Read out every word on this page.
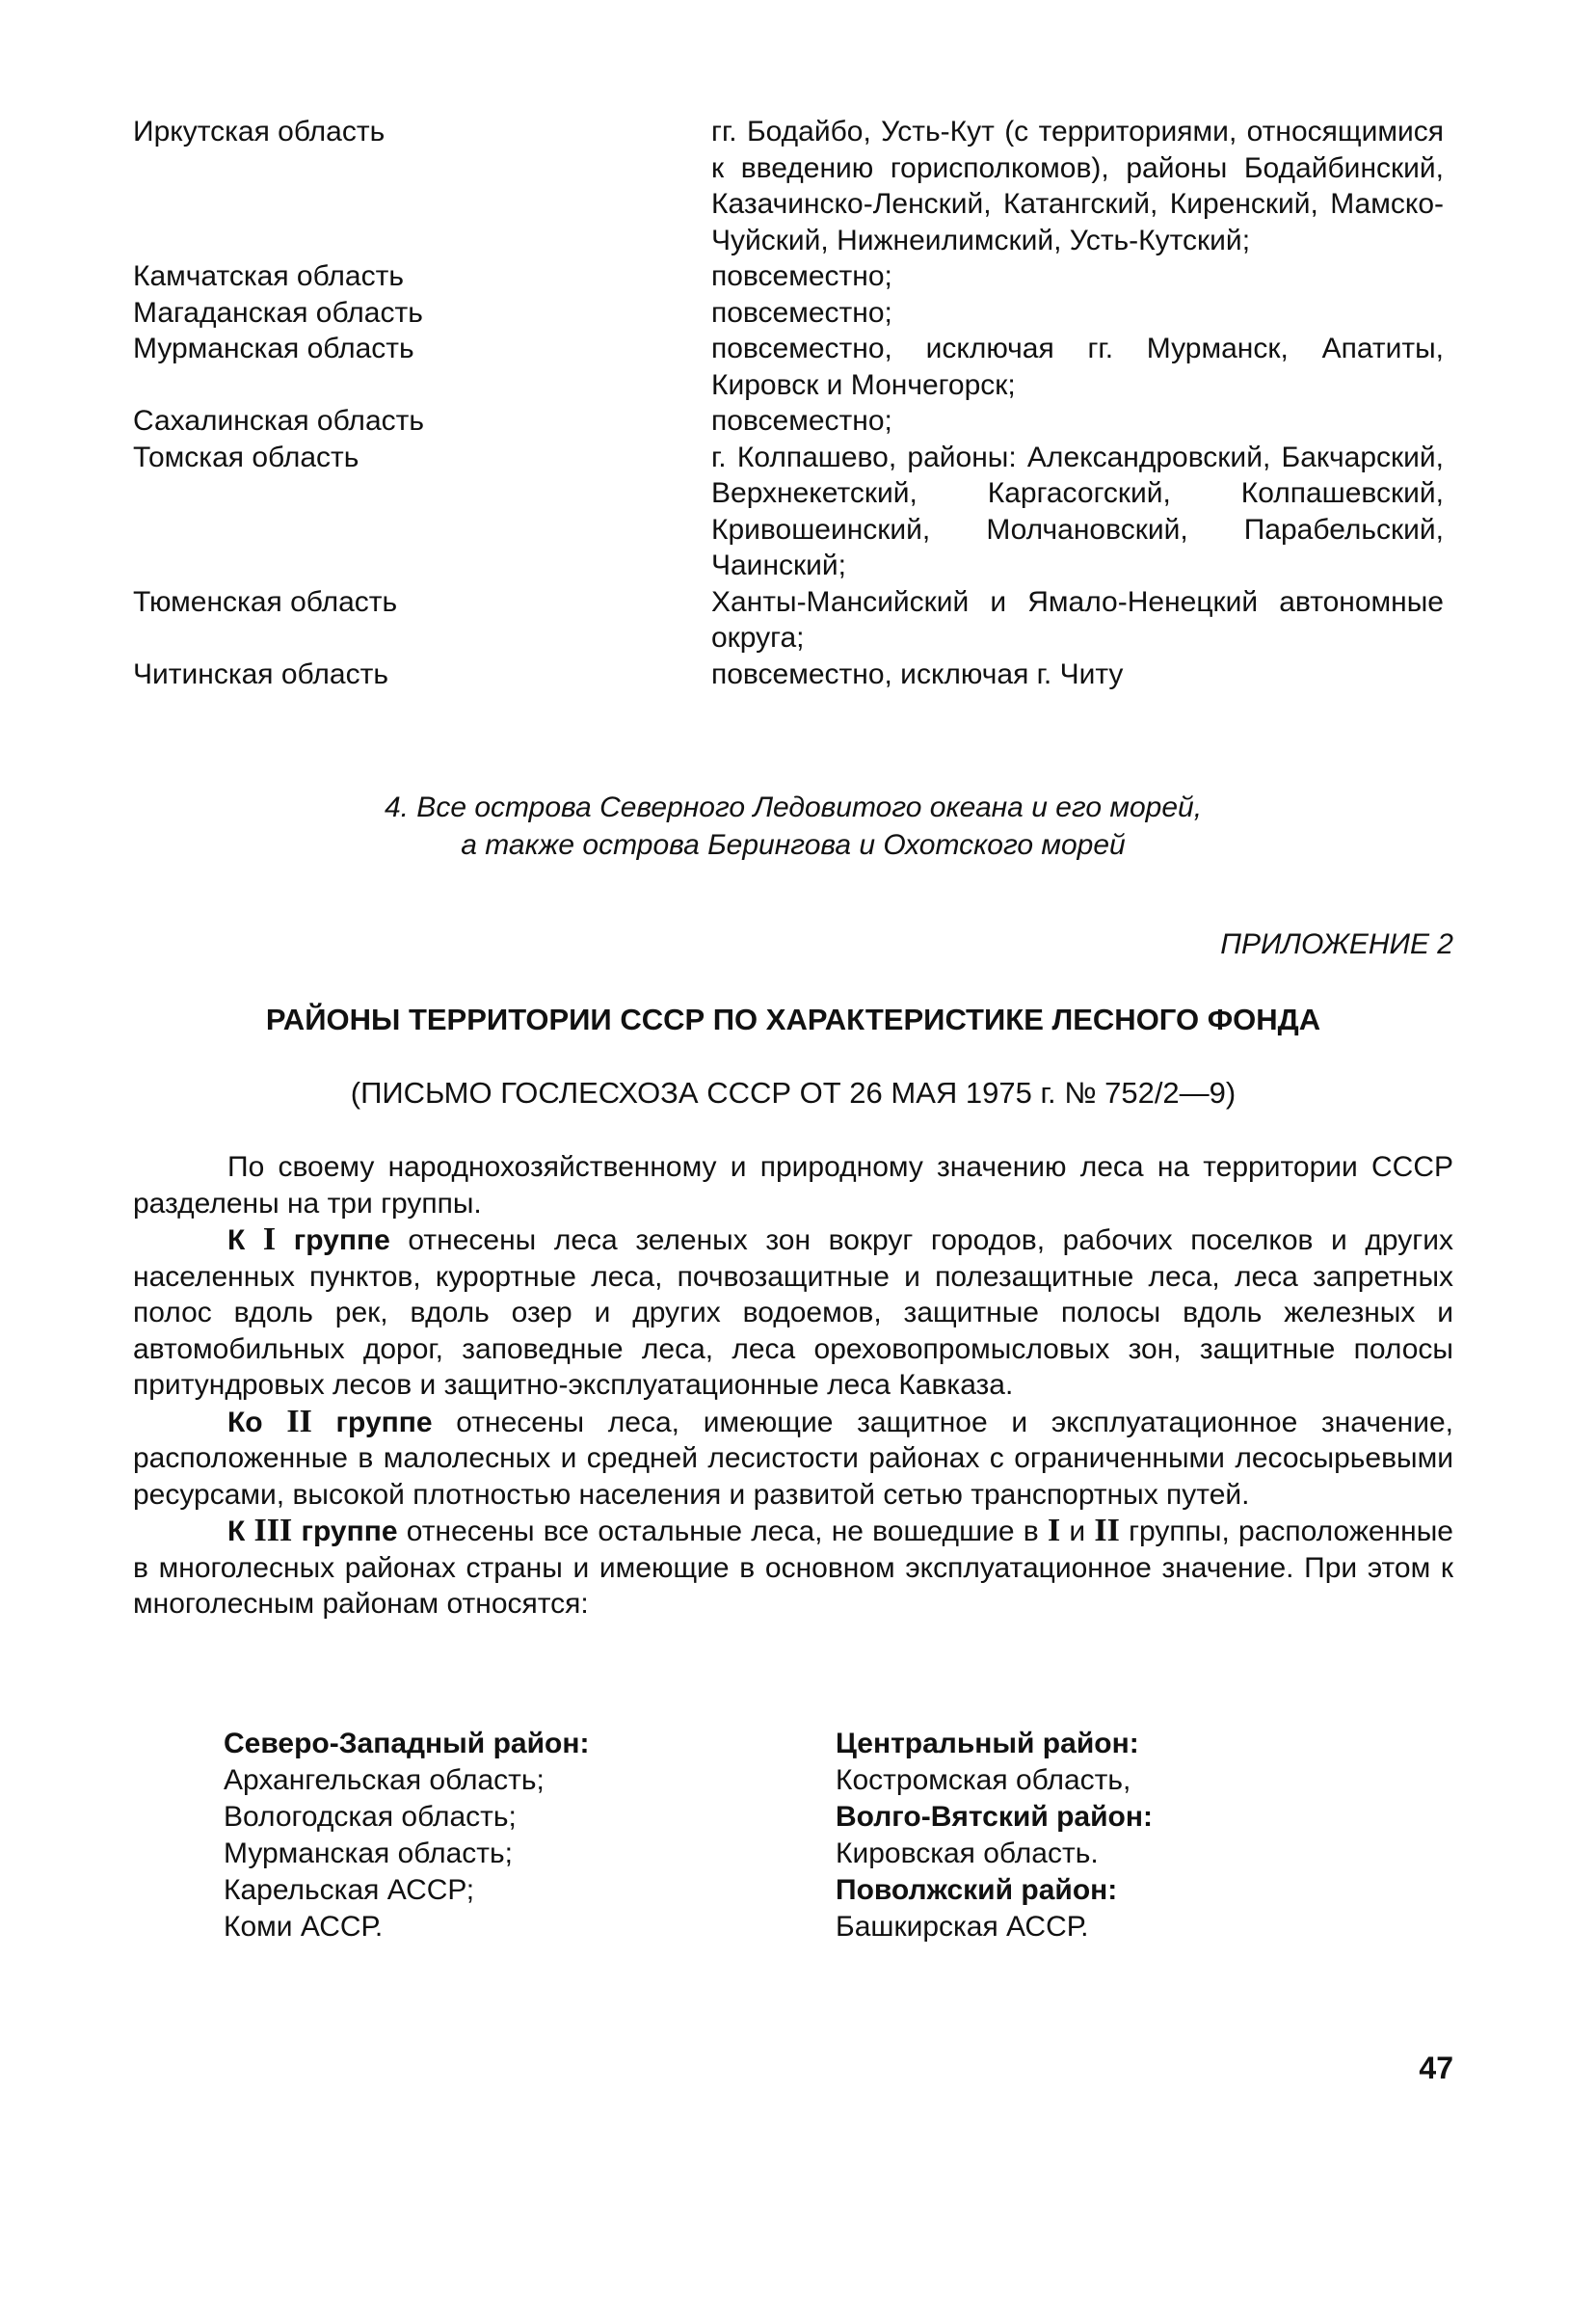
Иркутская область	гг. Бодайбо, Усть-Кут (с территориями, относящимися к введению горисполкомов), районы Бодайбинский, Казачинско-Ленский, Катангский, Киренский, Мамско-Чуйский, Нижнеилимский, Усть-Кутский;
Камчатская область	повсеместно;
Магаданская область	повсеместно;
Мурманская область	повсеместно, исключая гг. Мурманск, Апатиты, Кировск и Мончегорск;
Сахалинская область	повсеместно;
Томская область	г. Колпашево, районы: Александровский, Бакчарский, Верхнекетский, Каргасогский, Колпашевский, Кривошеинский, Молчановский, Парабельский, Чаинский;
Тюменская область	Ханты-Мансийский и Ямало-Ненецкий автономные округа;
Читинская область	повсеместно, исключая г. Читу
4. Все острова Северного Ледовитого океана и его морей,
а также острова Берингова и Охотского морей
ПРИЛОЖЕНИЕ 2
РАЙОНЫ ТЕРРИТОРИИ СССР ПО ХАРАКТЕРИСТИКЕ ЛЕСНОГО ФОНДА
(ПИСЬМО ГОСЛЕСХОЗА СССР ОТ 26 МАЯ 1975 г. № 752/2—9)

По своему народнохозяйственному и природному значению леса на территории СССР разделены на три группы.

К I группе отнесены леса зеленых зон вокруг городов, рабочих поселков и других населенных пунктов, курортные леса, почвозащитные и полезащитные леса, леса запретных полос вдоль рек, вдоль озер и других водоемов, защитные полосы вдоль железных и автомобильных дорог, заповедные леса, леса ореховопромысловых зон, защитные полосы притундровых лесов и защитно-эксплуатационные леса Кавказа.

Ко II группе отнесены леса, имеющие защитное и эксплуатационное значение, расположенные в малолесных и средней лесистости районах с ограниченными лесосырьевыми ресурсами, высокой плотностью населения и развитой сетью транспортных путей.

К III группе отнесены все остальные леса, не вошедшие в I и II группы, расположенные в многолесных районах страны и имеющие в основном эксплуатационное значение. При этом к многолесным районам относятся:

Северо-Западный район:
Архангельская область;
Вологодская область;
Мурманская область;
Карельская АССР;
Коми АССР.
Центральный район:
Костромская область,
Волго-Вятский район:
Кировская область.
Поволжский район:
Башкирская АССР.
47
